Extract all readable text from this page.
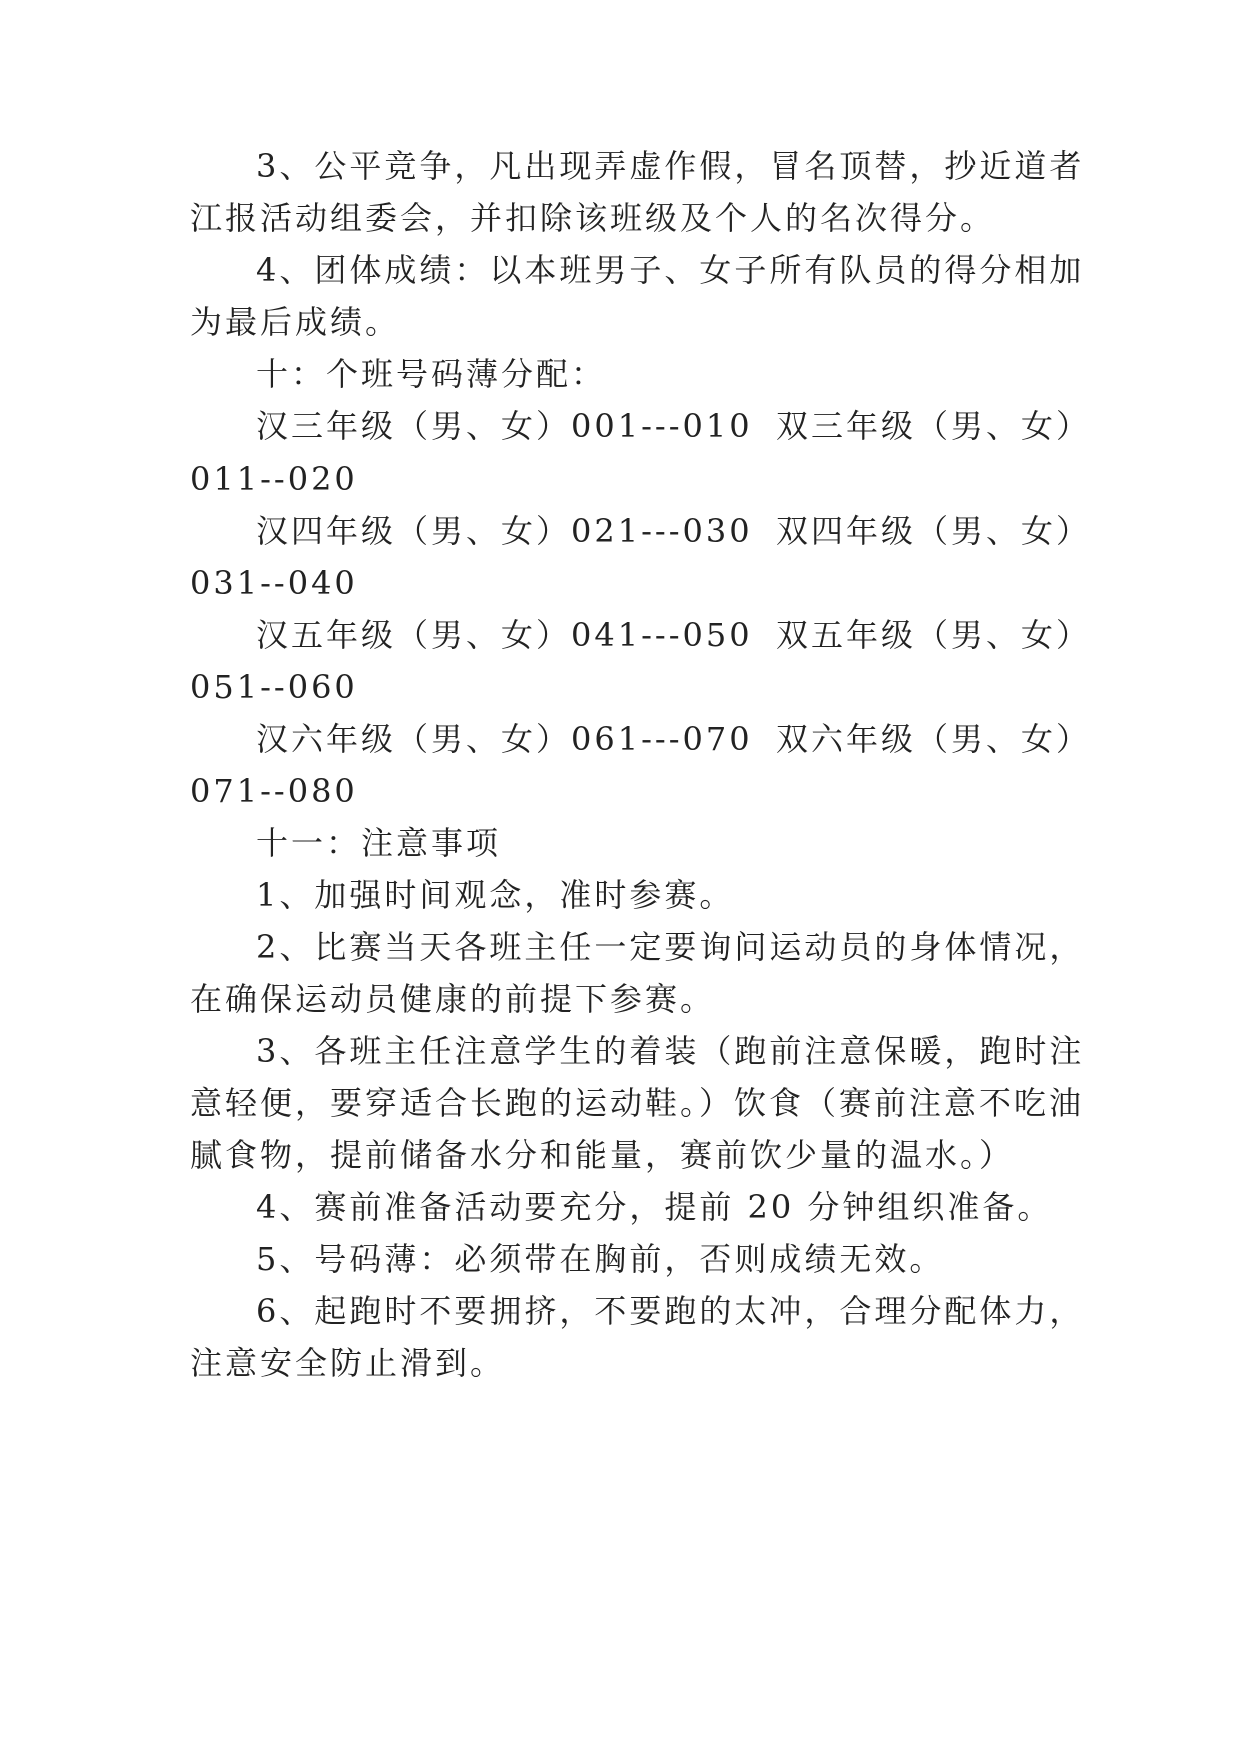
3、公平竞争，凡出现弄虚作假，冒名顶替，抄近道者
江报活动组委会，并扣除该班级及个人的名次得分。
4、团体成绩：以本班男子、女子所有队员的得分相加
为最后成绩。
十：个班号码薄分配：
汉三年级（男、女）001---010 双三年级（男、女）
011--020
汉四年级（男、女）021---030 双四年级（男、女）
031--040
汉五年级（男、女）041---050 双五年级（男、女）
051--060
汉六年级（男、女）061---070 双六年级（男、女）
071--080
十一：注意事项
1、加强时间观念，准时参赛。
2、比赛当天各班主任一定要询问运动员的身体情况，
在确保运动员健康的前提下参赛。
3、各班主任注意学生的着装（跑前注意保暖，跑时注
意轻便，要穿适合长跑的运动鞋。）饮食（赛前注意不吃油
腻食物，提前储备水分和能量，赛前饮少量的温水。）
4、赛前准备活动要充分，提前 20 分钟组织准备。
5、号码薄：必须带在胸前，否则成绩无效。
6、起跑时不要拥挤，不要跑的太冲，合理分配体力，
注意安全防止滑到。
